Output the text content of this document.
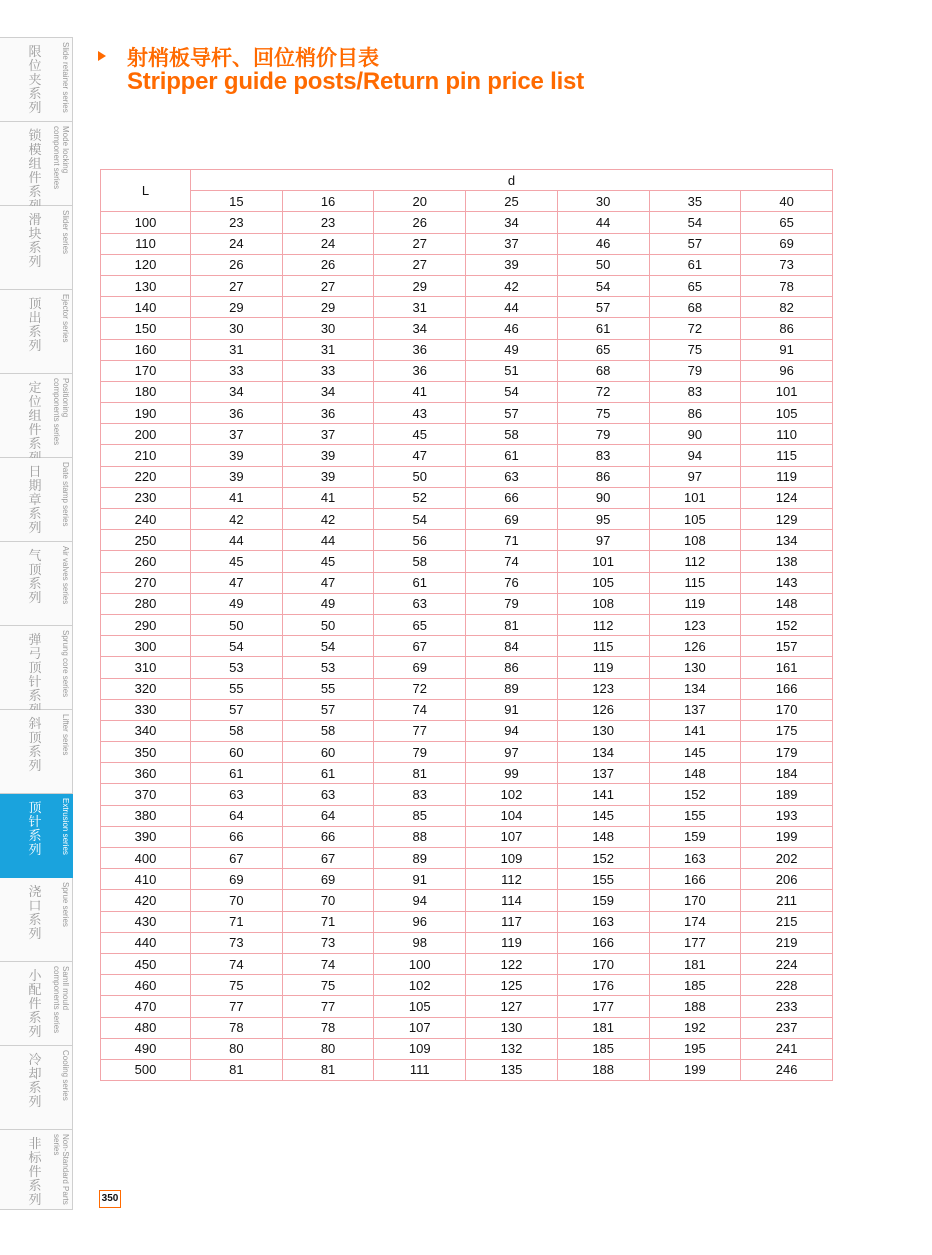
限位夹系列	Slide retainer series
锁模组件系
Mode locking component series
滑块系列
Slider series
顶出系列
Ejector series
定位组件系
Positioning components series
日期章系列
Date stamp series
气顶系列	Air valves series
弹弓顶针系	Sprung core series
斜顶系列
Lifter series
顶针系列	Extrusion series
浇口系列
Sprue series
小配件系列
Samll mould components series
冷却系列
Cooling series
非标件系列	Non-Standard Parts series
射梢板导杆、回位梢价目表
Stripper guide posts/Return pin price list
L	d						
	15	16	20	25	30	35	40
100	23	23	26	34	44	54	65
110	24	24	27	37	46	57	69
120	26	26	27	39	50	61	73
130	27	27	29	42	54	65	78
140	29	29	31	44	57	68	82
150	30	30	34	46	61	72	86
160	31	31	36	49	65	75	91
170	33	33	36	51	68	79	96
180	34	34	41	54	72	83	101
190	36	36	43	57	75	86	105
200	37	37	45	58	79	90	110
210	39	39	47	61	83	94	115
220	39	39	50	63	86	97	119
230	41	41	52	66	90	101	124
240	42	42	54	69	95	105	129
250	44	44	56	71	97	108	134
260	45	45	58	74	101	112	138
270	47	47	61	76	105	115	143
280	49	49	63	79	108	119	148
290	50	50	65	81	112	123	152
300	54	54	67	84	115	126	157
310	53	53	69	86	119	130	161
320	55	55	72	89	123	134	166
330	57	57	74	91	126	137	170
340	58	58	77	94	130	141	175
350	60	60	79	97	134	145	179
360	61	61	81	99	137	148	184
370	63	63	83	102	141	152	189
380	64	64	85	104	145	155	193
390	66	66	88	107	148	159	199
400	67	67	89	109	152	163	202
410	69	69	91	112	155	166	206
420	70	70	94	114	159	170	211
430	71	71	96	117	163	174	215
440	73	73	98	119	166	177	219
450	74	74	100	122	170	181	224
460	75	75	102	125	176	185	228
470	77	77	105	127	177	188	233
480	78	78	107	130	181	192	237
490	80	80	109	132	185	195	241
500	81	81	111	135	188	199	246
350
